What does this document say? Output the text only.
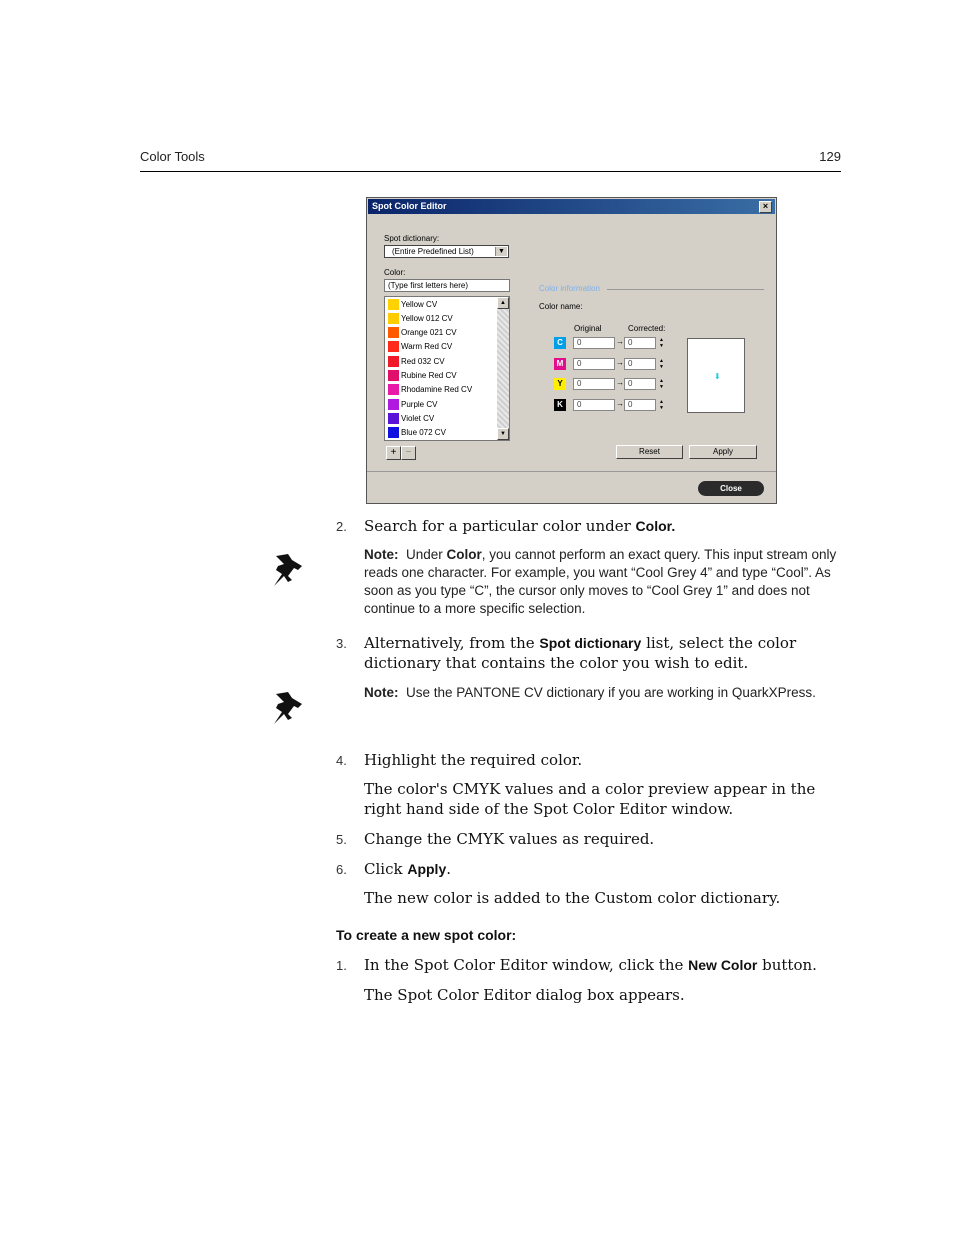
Color Tools	129
Spot Color Editor	×
Spot dictionary:
(Entire Predefined List)	▼
Color:
(Type first letters here)
Yellow CV
Yellow 012 CV
Orange 021 CV
Warm Red CV
Red 032 CV
Rubine Red CV
Rhodamine Red CV
Purple CV
Violet CV
Blue 072 CV
▲
▼
+ −
Color information
Color name:
Original	Corrected:
C	0	→ 0	▲
▼
M	0	→ 0	▲
▼
Y	0	→ 0	▲
▼
K	0	→ 0	▲
▼
⬇
Reset	Apply
Close
2. Search for a particular color under Color.
Note: Under Color, you cannot perform an exact query. This input stream only reads one character. For example, you want “Cool Grey 4” and type “Cool”. As soon as you type “C”, the cursor only moves to “Cool Grey 1” and does not continue to a more specific selection.
3. Alternatively, from the Spot dictionary list, select the color dictionary that contains the color you wish to edit.
Note: Use the PANTONE CV dictionary if you are working in QuarkXPress.
4. Highlight the required color.
The color's CMYK values and a color preview appear in the right hand side of the Spot Color Editor window.
5. Change the CMYK values as required.
6. Click Apply.
The new color is added to the Custom color dictionary.
To create a new spot color:
1. In the Spot Color Editor window, click the New Color button.
The Spot Color Editor dialog box appears.
